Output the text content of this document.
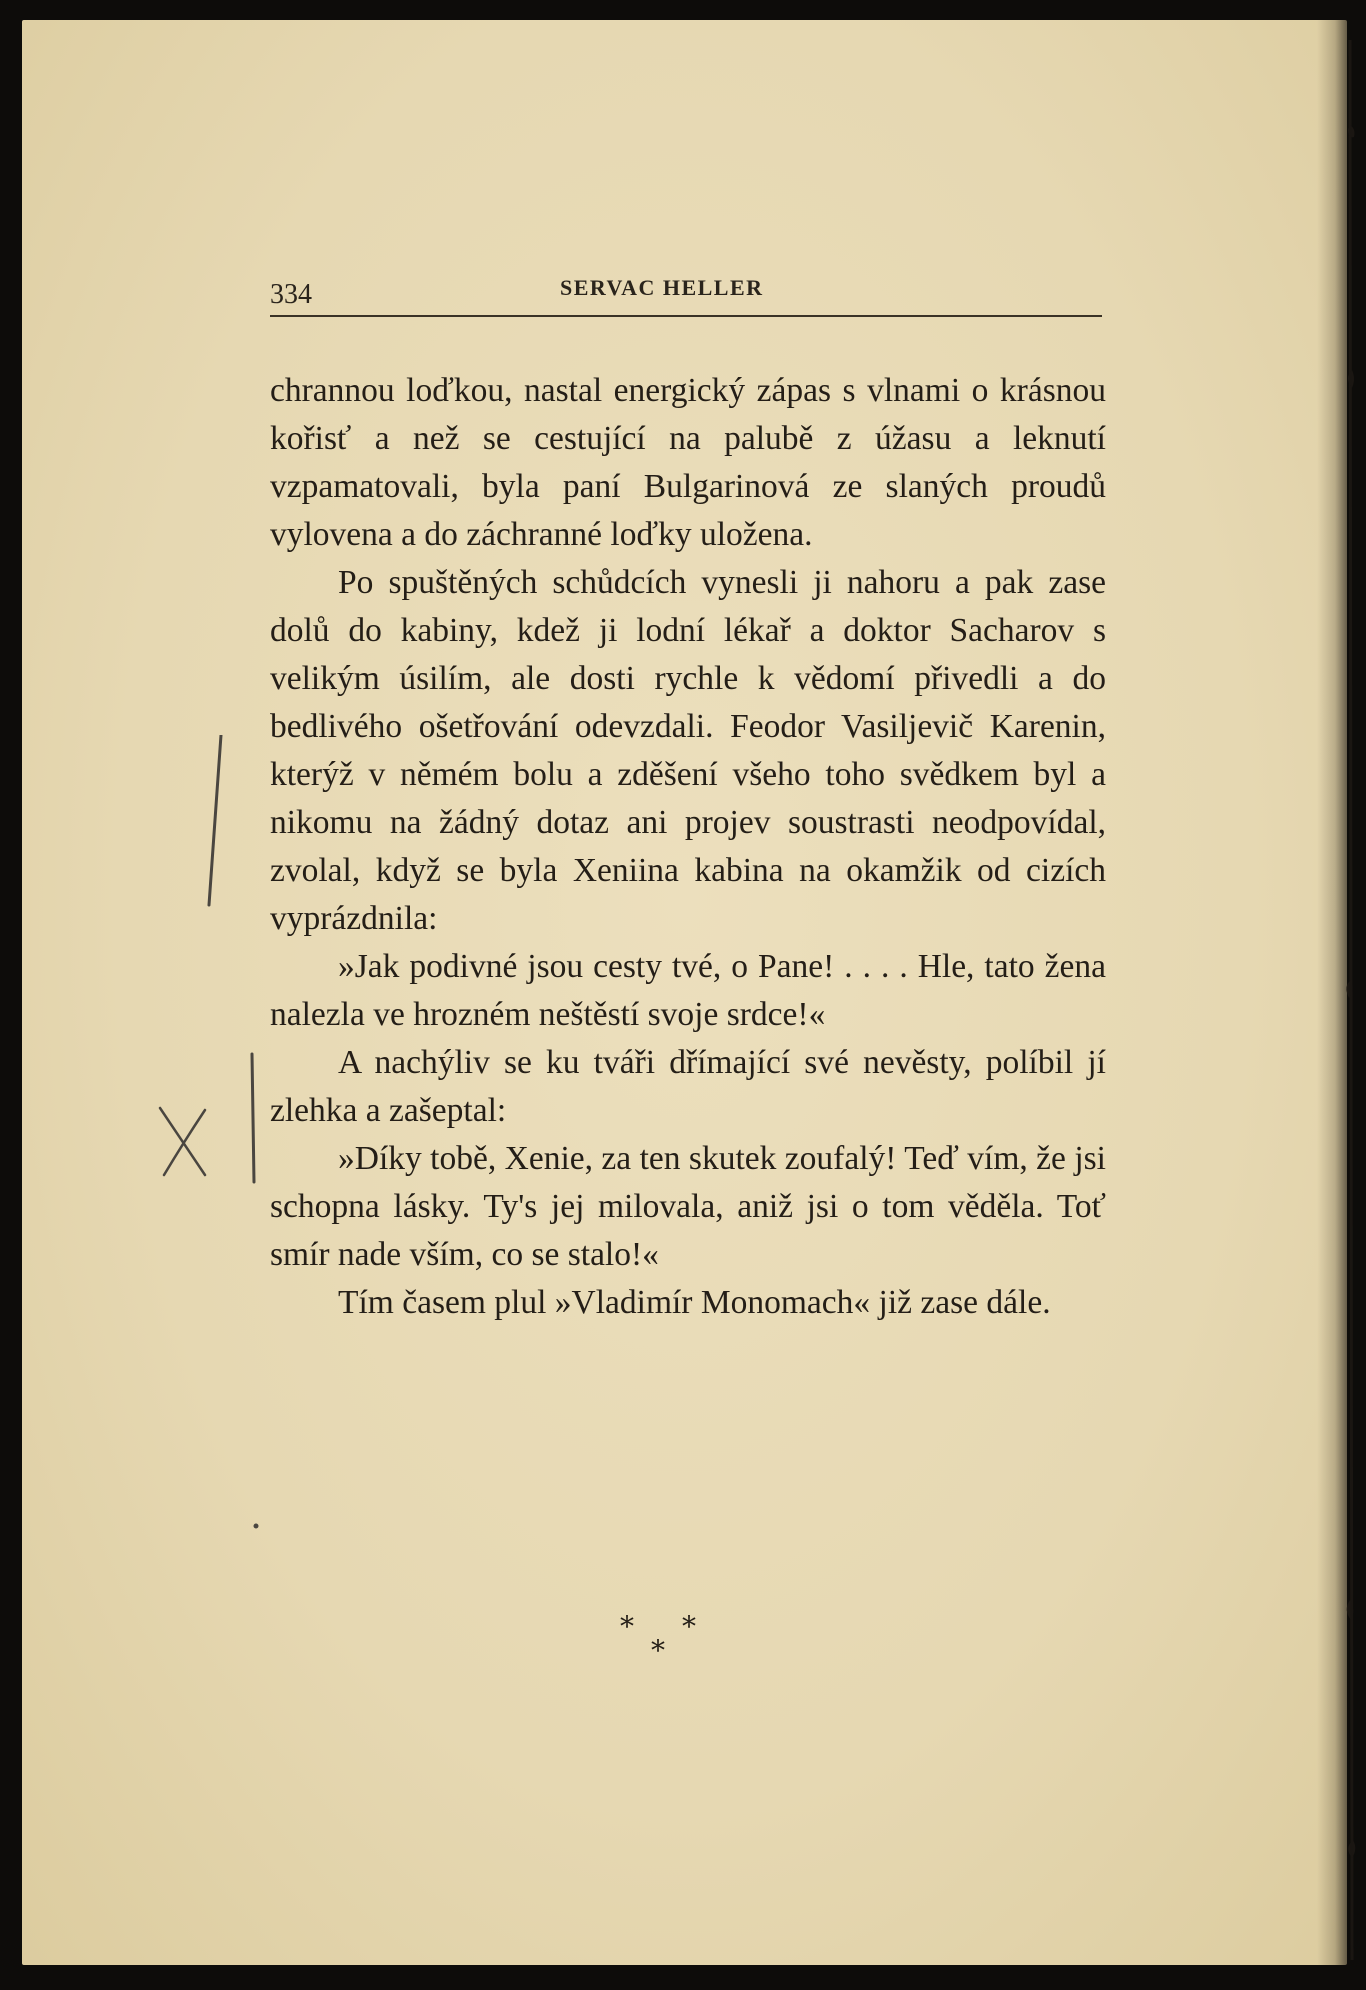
334	SERVAC HELLER

chrannou loďkou, nastal energický zápas s vlnami o krásnou kořisť a než se cestující na palubě z úžasu a leknutí vzpamatovali, byla paní Bulgarinová ze slaných proudů vylovena a do záchranné loďky uložena.

Po spuštěných schůdcích vynesli ji nahoru a pak zase dolů do kabiny, kdež ji lodní lékař a doktor Sacharov s velikým úsilím, ale dosti rychle k vědomí přivedli a do bedlivého ošetřování odevzdali. Feodor Vasiljevič Karenin, kterýž v němém bolu a zděšení všeho toho svědkem byl a nikomu na žádný dotaz ani projev soustrasti neodpovídal, zvolal, když se byla Xeniina kabina na okamžik od cizích vyprázdnila:

»Jak podivné jsou cesty tvé, o Pane! . . . . Hle, tato žena nalezla ve hrozném neštěstí svoje srdce!«

A nachýliv se ku tváři dřímající své nevěsty, políbil jí zlehka a zašeptal:

»Díky tobě, Xenie, za ten skutek zoufalý! Teď vím, že jsi schopna lásky. Ty's jej milovala, aniž jsi o tom věděla. Toť smír nade vším, co se stalo!«

Tím časem plul »Vladimír Monomach« již zase dále.

* *
*
